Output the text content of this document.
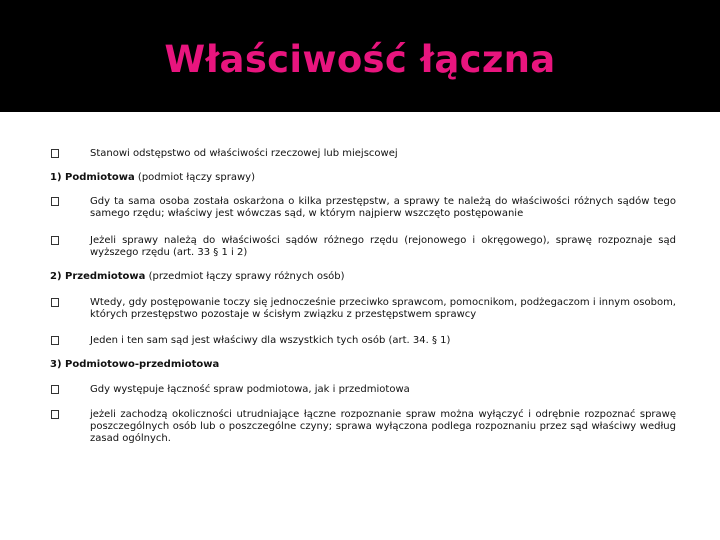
Właściwość łączna
Stanowi odstępstwo od właściwości rzeczowej lub miejscowej
1) Podmiotowa (podmiot łączy sprawy)
Gdy ta sama osoba została oskarżona o kilka przestępstw, a sprawy te należą do właściwości różnych sądów tego samego rzędu; właściwy jest wówczas sąd, w którym najpierw wszczęto postępowanie
Jeżeli sprawy należą do właściwości sądów różnego rzędu (rejonowego i okręgowego), sprawę rozpoznaje sąd wyższego rzędu (art. 33 § 1 i 2)
2) Przedmiotowa (przedmiot łączy sprawy różnych osób)
Wtedy, gdy postępowanie toczy się jednocześnie przeciwko sprawcom, pomocnikom, podżegaczom i innym osobom, których przestępstwo pozostaje w ścisłym związku z przestępstwem sprawcy
Jeden i ten sam sąd jest właściwy dla wszystkich tych osób (art. 34. § 1)
3) Podmiotowo-przedmiotowa
Gdy występuje łączność spraw podmiotowa, jak i przedmiotowa
jeżeli zachodzą okoliczności utrudniające łączne rozpoznanie spraw można wyłączyć i odrębnie rozpoznać sprawę poszczególnych osób lub o poszczególne czyny; sprawa wyłączona podlega rozpoznaniu przez sąd właściwy według zasad ogólnych.
